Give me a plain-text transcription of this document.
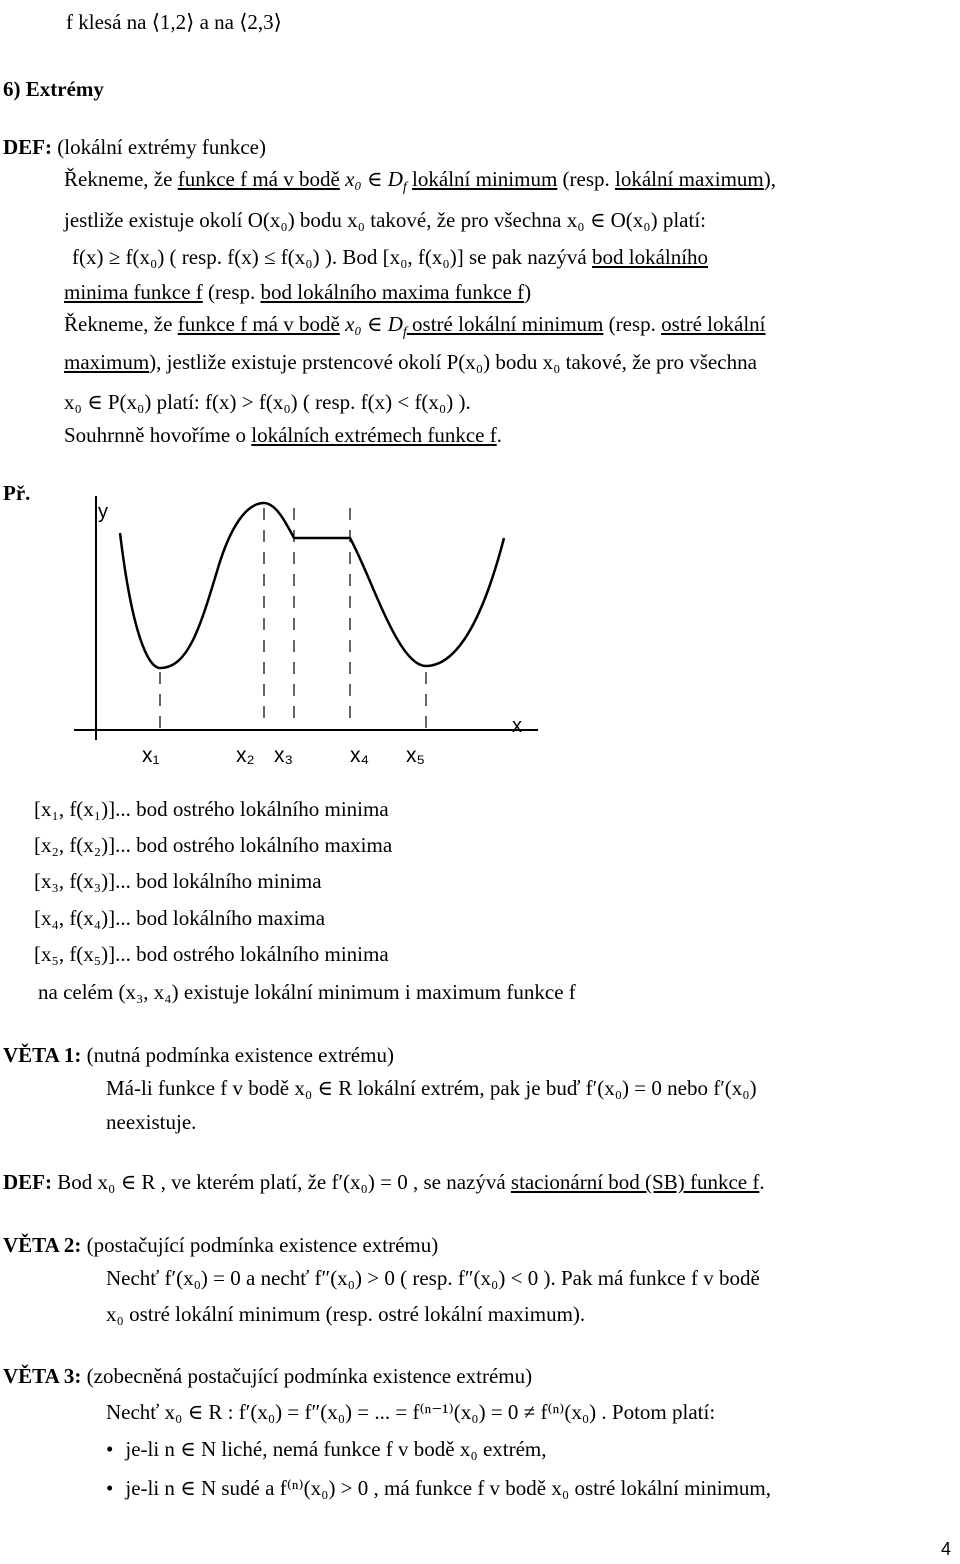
f klesá na ⟨1,2⟩ a na ⟨2,3⟩
6) Extrémy
DEF: (lokální extrémy funkce)
Řekneme, že funkce f má v bodě x₀ ∈ $D_f$ lokální minimum (resp. lokální maximum),
jestliže existuje okolí O(x₀) bodu x₀ takové, že pro všechna x₀ ∈ O(x₀) platí:
f(x) ≥ f(x₀) ( resp. f(x) ≤ f(x₀) ). Bod [x₀, f(x₀)] se pak nazývá bod lokálního
minima funkce f (resp. bod lokálního maxima funkce f)
Řekneme, že funkce f má v bodě x₀ ∈ $D_f$ ostré lokální minimum (resp. ostré lokální
maximum), jestliže existuje prstencové okolí P(x₀) bodu x₀ takové, že pro všechna
x₀ ∈ P(x₀) platí: f(x) > f(x₀) ( resp. f(x) < f(x₀) ).
Souhrnně hovoříme o lokálních extrémech funkce f.
Př.
y
x
x₁	x₂ x₃	x₄ x₅
[x₁, f(x₁)]... bod ostrého lokálního minima
[x₂, f(x₂)]... bod ostrého lokálního maxima
[x₃, f(x₃)]... bod lokálního minima
[x₄, f(x₄)]... bod lokálního maxima
[x₅, f(x₅)]... bod ostrého lokálního minima
na celém (x₃, x₄) existuje lokální minimum i maximum funkce f
VĚTA 1: (nutná podmínka existence extrému)
Má-li funkce f v bodě x₀ ∈ R lokální extrém, pak je buď f′(x₀) = 0 nebo f′(x₀)
neexistuje.
DEF: Bod x₀ ∈ R , ve kterém platí, že f′(x₀) = 0 , se nazývá stacionární bod (SB) funkce f.
VĚTA 2: (postačující podmínka existence extrému)
Nechť f′(x₀) = 0 a nechť f″(x₀) > 0 ( resp. f″(x₀) < 0 ). Pak má funkce f v bodě
x₀ ostré lokální minimum (resp. ostré lokální maximum).
VĚTA 3: (zobecněná postačující podmínka existence extrému)
Nechť x₀ ∈ R : f′(x₀) = f″(x₀) = ... = f⁽ⁿ⁻¹⁾(x₀) = 0 ≠ f⁽ⁿ⁾(x₀) . Potom platí:
• je-li n ∈ N liché, nemá funkce f v bodě x₀ extrém,
• je-li n ∈ N sudé a f⁽ⁿ⁾(x₀) > 0 , má funkce f v bodě x₀ ostré lokální minimum,
4
